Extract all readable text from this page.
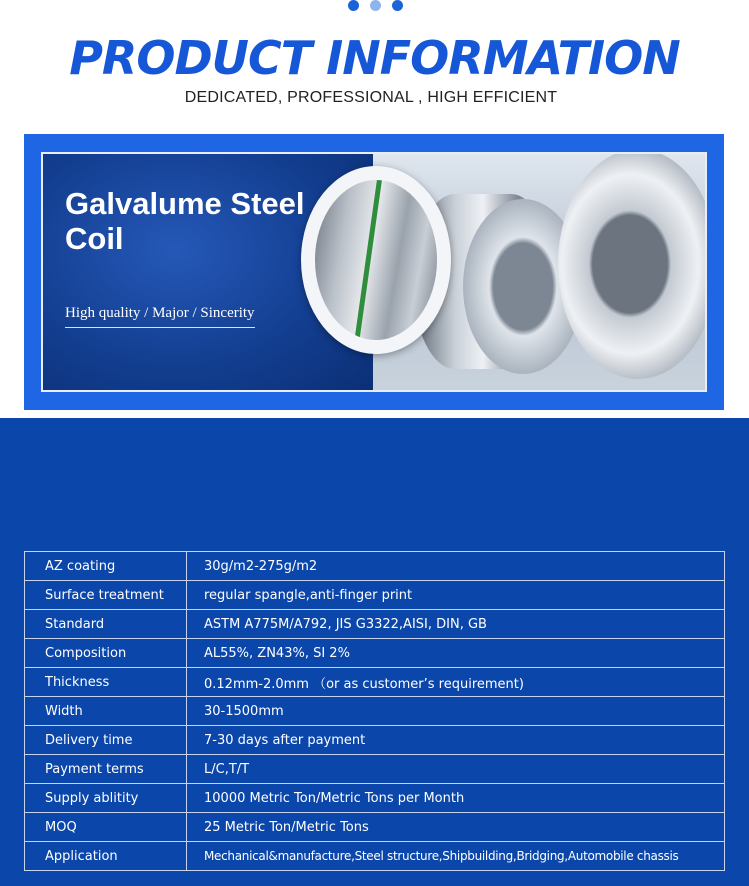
PRODUCT INFORMATION
DEDICATED, PROFESSIONAL , HIGH EFFICIENT
Galvalume Steel
Coil
High quality / Major / Sincerity
AZ coating	30g/m2-275g/m2
Surface treatment	regular spangle,anti-finger print
Standard	ASTM A775M/A792, JIS G3322,AISI, DIN, GB
Composition	AL55%, ZN43%, SI 2%
Thickness	0.12mm-2.0mm （or as customer’s requirement)
Width	30-1500mm
Delivery time	7-30 days after payment
Payment terms	L/C,T/T
Supply ablitity	10000 Metric Ton/Metric Tons per Month
MOQ	25 Metric Ton/Metric Tons
Application	Mechanical&manufacture,Steel structure,Shipbuilding,Bridging,Automobile chassis
